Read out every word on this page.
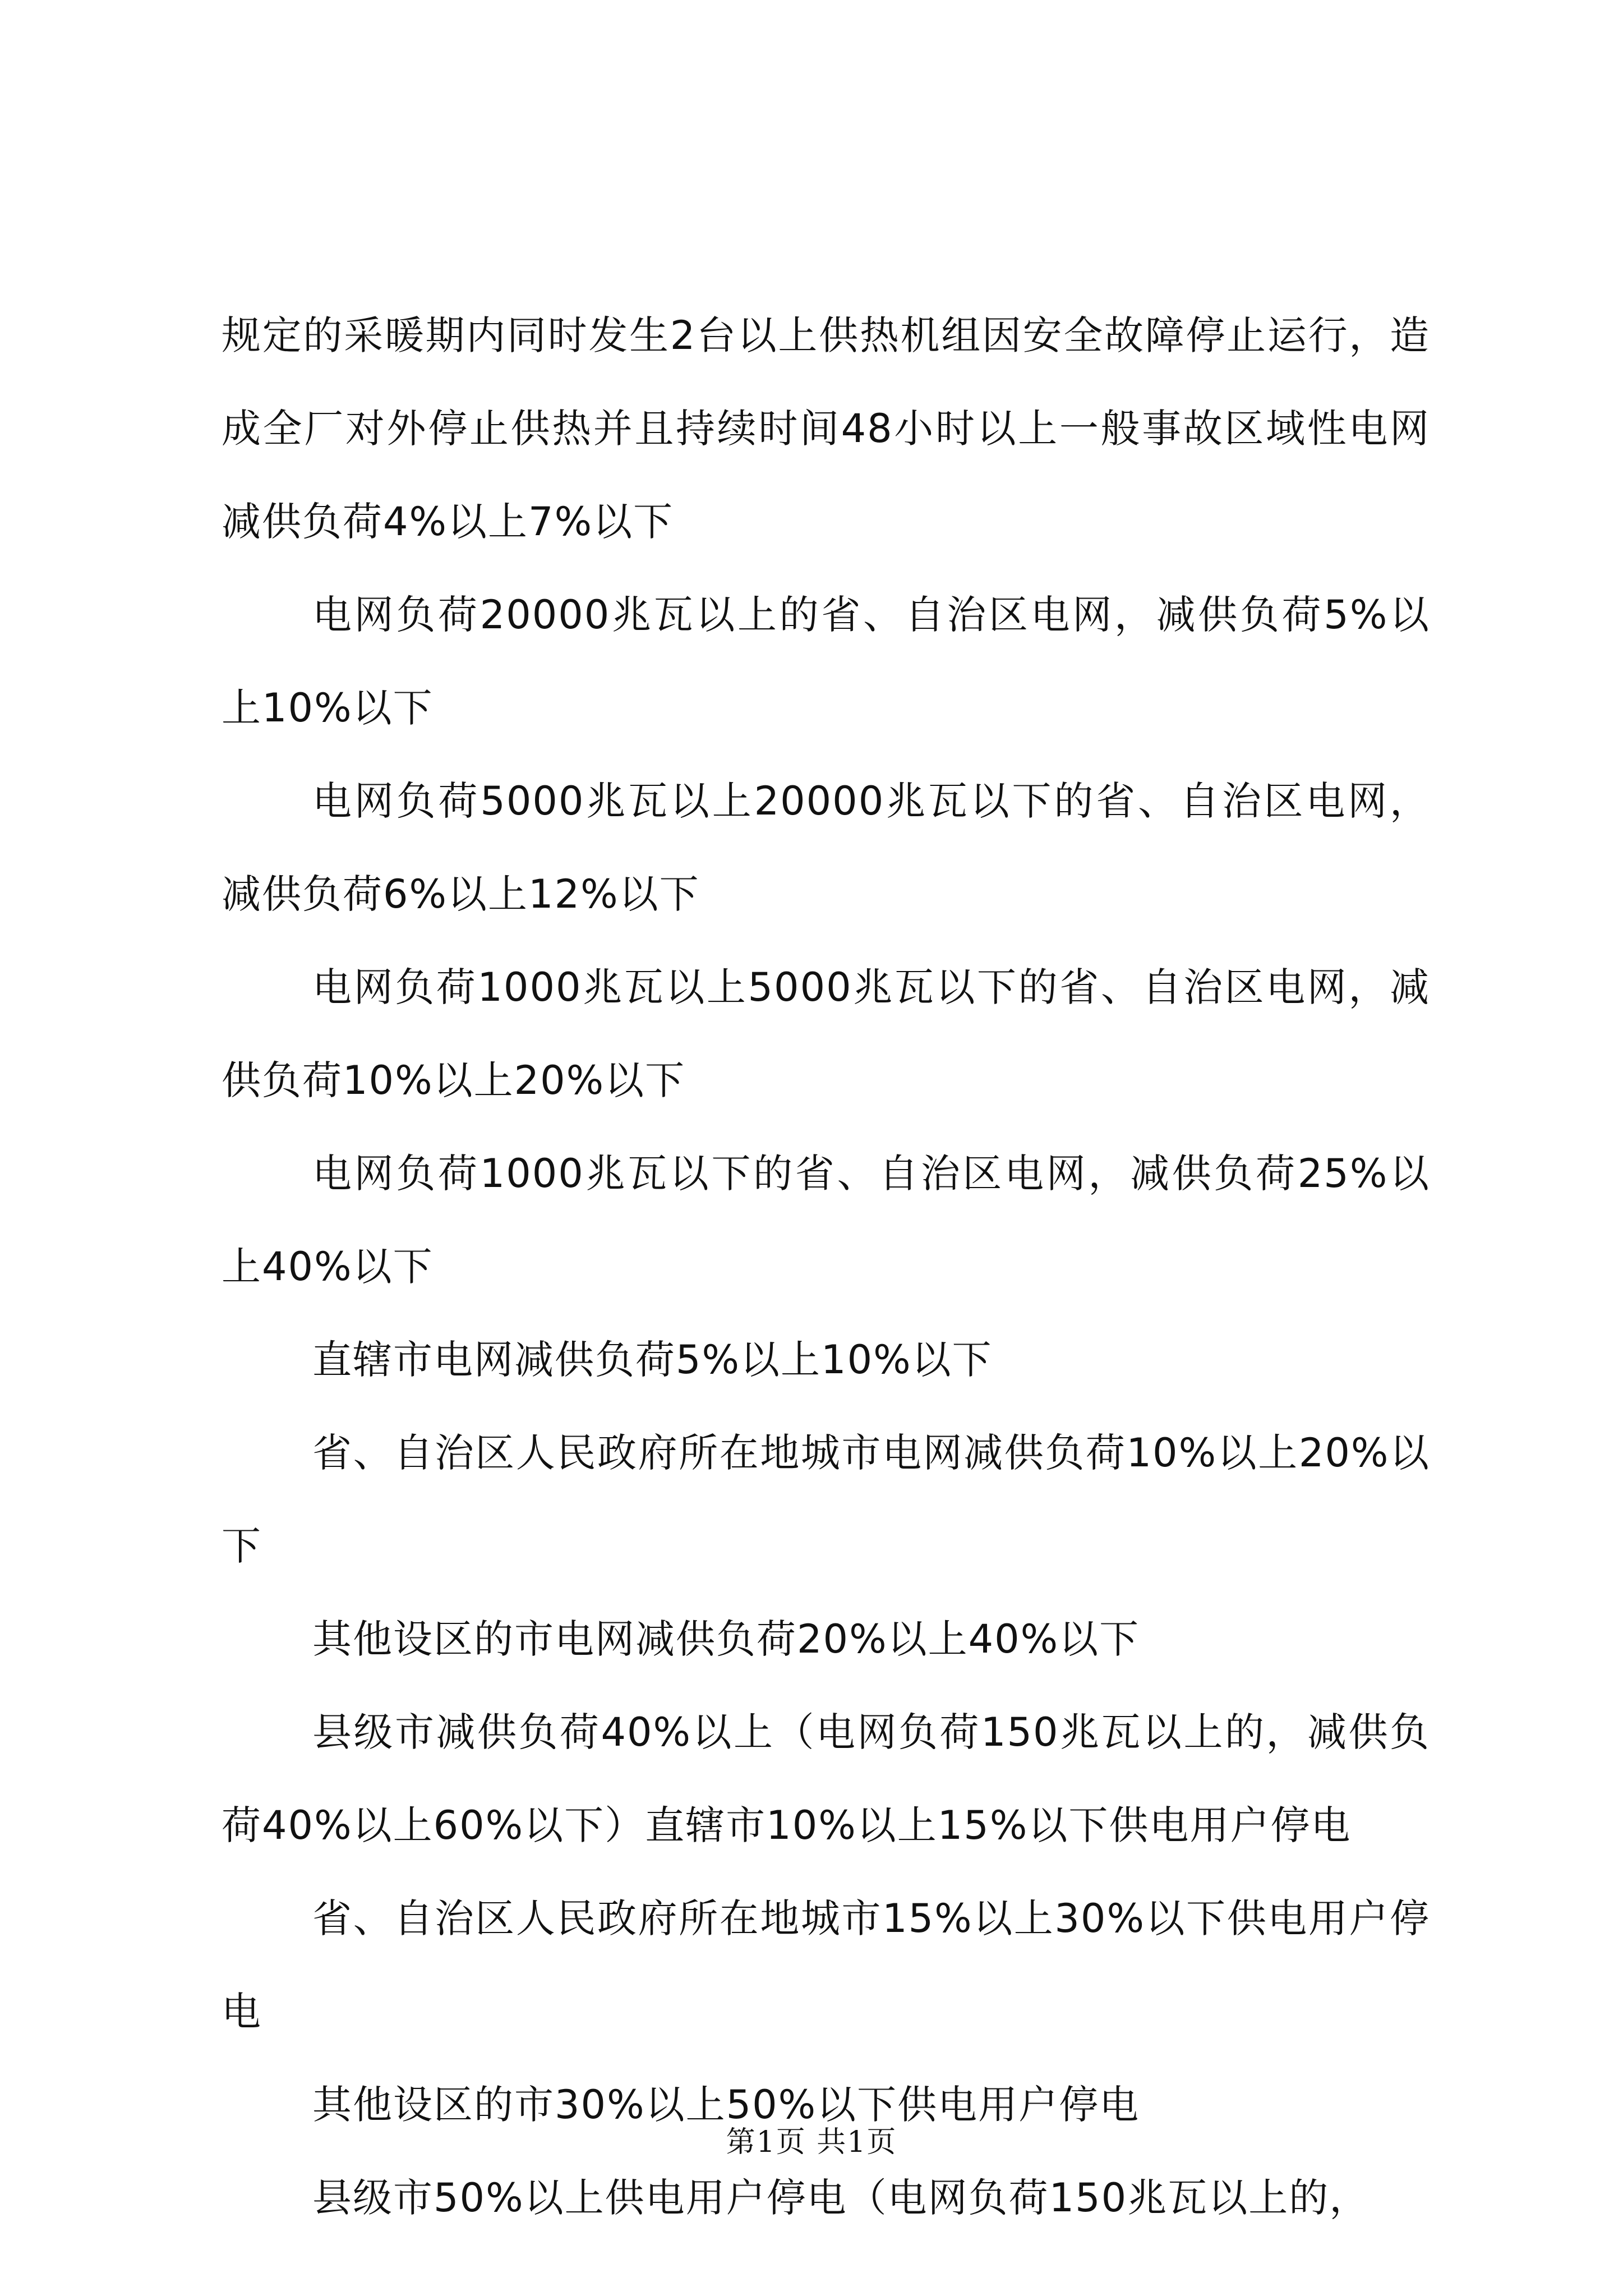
规定的采暖期内同时发生2台以上供热机组因安全故障停止运行，造成全厂对外停止供热并且持续时间48小时以上一般事故区域性电网减供负荷4%以上7%以下

电网负荷20000兆瓦以上的省、自治区电网，减供负荷5%以上10%以下

电网负荷5000兆瓦以上20000兆瓦以下的省、自治区电网，减供负荷6%以上12%以下

电网负荷1000兆瓦以上5000兆瓦以下的省、自治区电网，减供负荷10%以上20%以下

电网负荷1000兆瓦以下的省、自治区电网，减供负荷25%以上40%以下

直辖市电网减供负荷5%以上10%以下

省、自治区人民政府所在地城市电网减供负荷10%以上20%以下

其他设区的市电网减供负荷20%以上40%以下

县级市减供负荷40%以上（电网负荷150兆瓦以上的，减供负荷40%以上60%以下）直辖市10%以上15%以下供电用户停电

省、自治区人民政府所在地城市15%以上30%以下供电用户停电

其他设区的市30%以上50%以下供电用户停电

县级市50%以上供电用户停电（电网负荷150兆瓦以上的，

第1页 共1页
